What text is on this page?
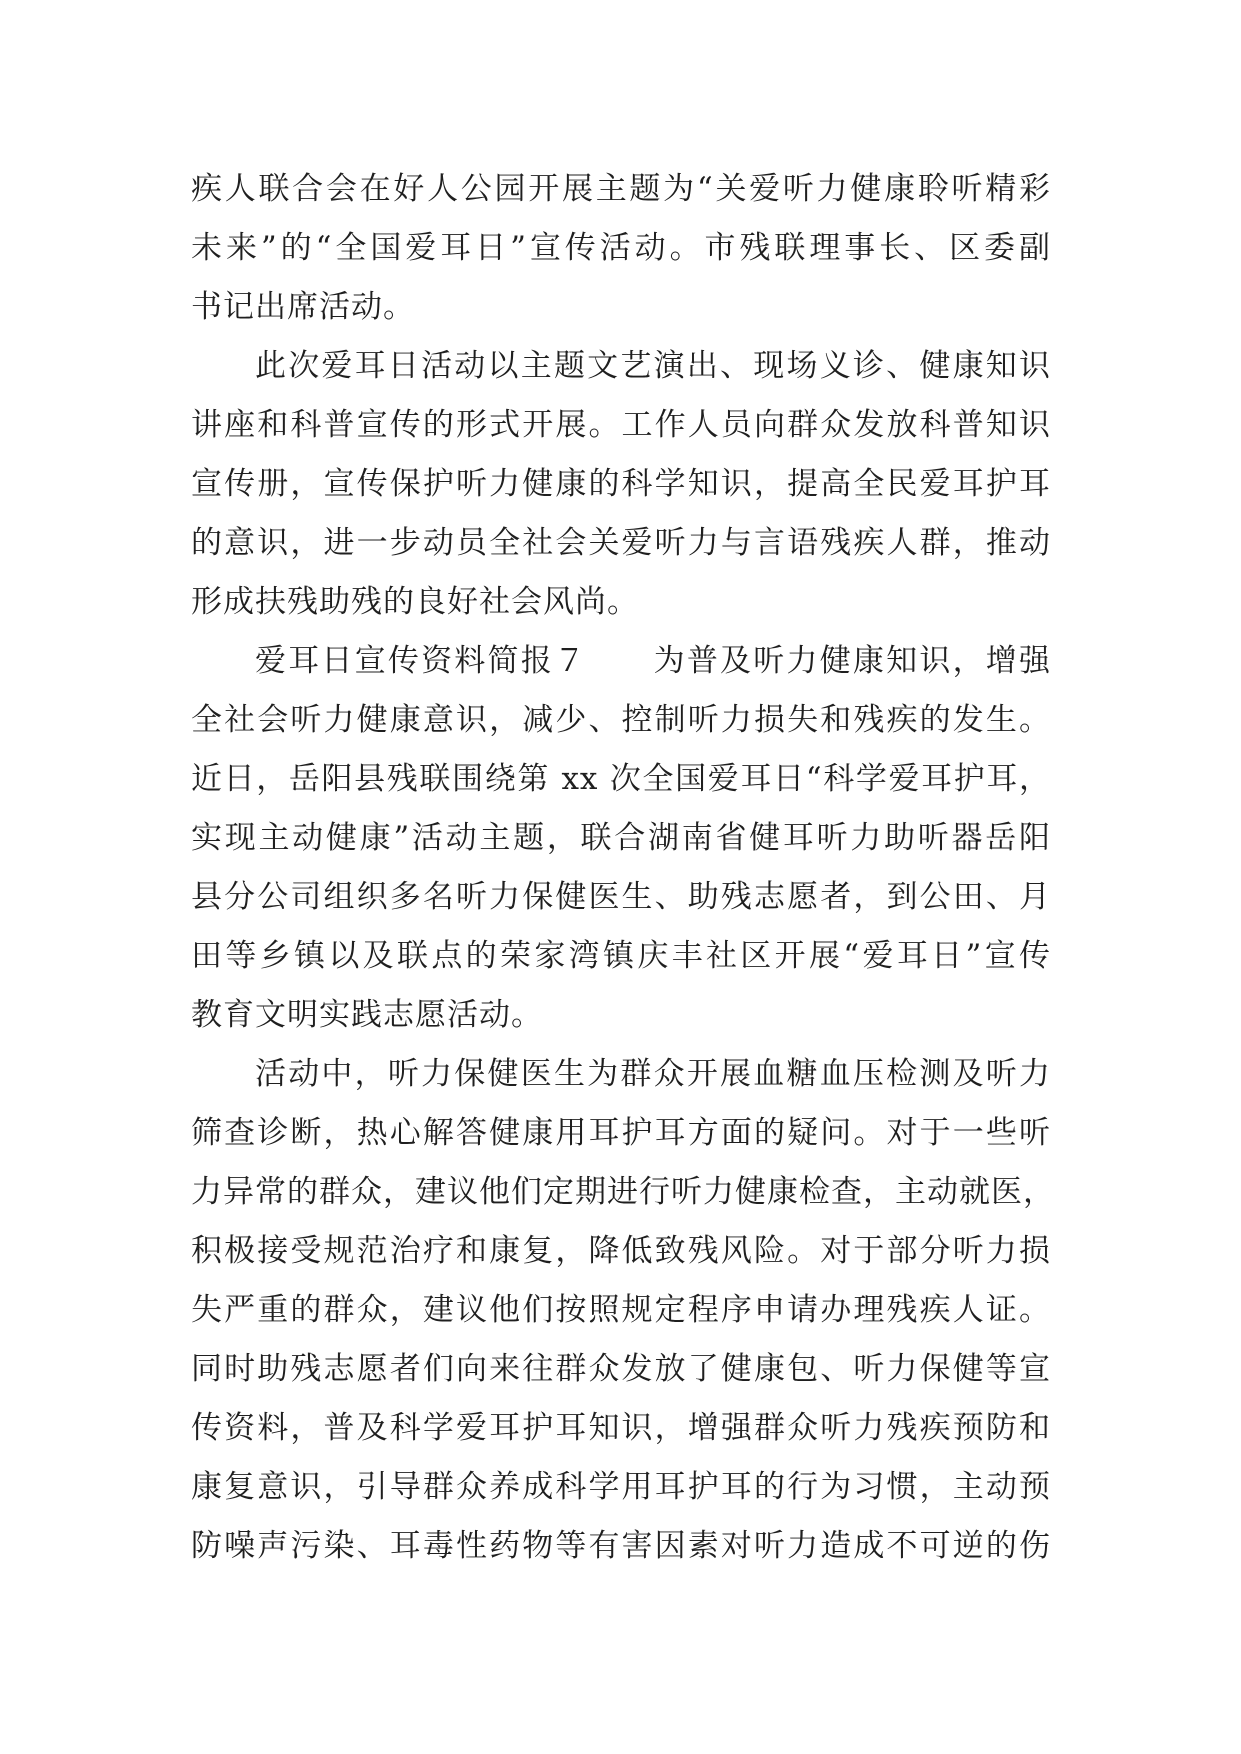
疾人联合会在好人公园开展主题为“关爱听力健康聆听精彩
未来”的“全国爱耳日”宣传活动。市残联理事长、区委副
书记出席活动。
此次爱耳日活动以主题文艺演出、现场义诊、健康知识
讲座和科普宣传的形式开展。工作人员向群众发放科普知识
宣传册，宣传保护听力健康的科学知识，提高全民爱耳护耳
的意识，进一步动员全社会关爱听力与言语残疾人群，推动
形成扶残助残的良好社会风尚。
爱耳日宣传资料简报７　　为普及听力健康知识，增强
全社会听力健康意识，减少、控制听力损失和残疾的发生。
近日，岳阳县残联围绕第 xx 次全国爱耳日“科学爱耳护耳，
实现主动健康”活动主题，联合湖南省健耳听力助听器岳阳
县分公司组织多名听力保健医生、助残志愿者，到公田、月
田等乡镇以及联点的荣家湾镇庆丰社区开展“爱耳日”宣传
教育文明实践志愿活动。
活动中，听力保健医生为群众开展血糖血压检测及听力
筛查诊断，热心解答健康用耳护耳方面的疑问。对于一些听
力异常的群众，建议他们定期进行听力健康检查，主动就医，
积极接受规范治疗和康复，降低致残风险。对于部分听力损
失严重的群众，建议他们按照规定程序申请办理残疾人证。
同时助残志愿者们向来往群众发放了健康包、听力保健等宣
传资料，普及科学爱耳护耳知识，增强群众听力残疾预防和
康复意识，引导群众养成科学用耳护耳的行为习惯，主动预
防噪声污染、耳毒性药物等有害因素对听力造成不可逆的伤
